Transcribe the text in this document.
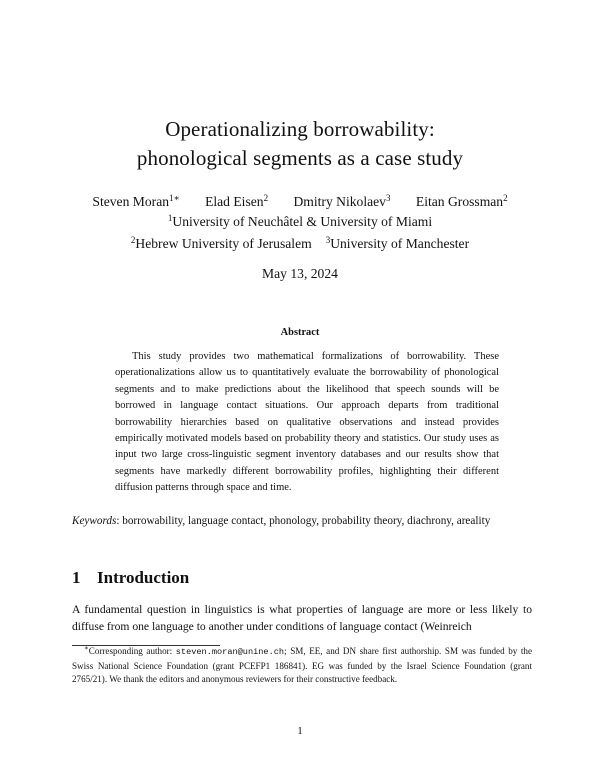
Operationalizing borrowability:
phonological segments as a case study
Steven Moran$^{1∗}$ Elad Eisen$^2$ Dmitry Nikolaev$^3$ Eitan Grossman$^2$
$^1$University of Neuchâtel & University of Miami
$^2$Hebrew University of Jerusalem $^3$University of Manchester
May 13, 2024
Abstract
This study provides two mathematical formalizations of borrowability. These operationalizations allow us to quantitatively evaluate the borrowability of phonological segments and to make predictions about the likelihood that speech sounds will be borrowed in language contact situations. Our approach departs from traditional borrowability hierarchies based on qualitative observations and instead provides empirically motivated models based on probability theory and statistics. Our study uses as input two large cross-linguistic segment inventory databases and our results show that segments have markedly different borrowability profiles, highlighting their different diffusion patterns through space and time.
Keywords: borrowability, language contact, phonology, probability theory, diachrony, areality
1 Introduction
A fundamental question in linguistics is what properties of language are more or less likely to diffuse from one language to another under conditions of language contact (Weinreich
∗Corresponding author: steven.moran@unine.ch; SM, EE, and DN share first authorship. SM was funded by the Swiss National Science Foundation (grant PCEFP1 186841). EG was funded by the Israel Science Foundation (grant 2765/21). We thank the editors and anonymous reviewers for their constructive feedback.
1
